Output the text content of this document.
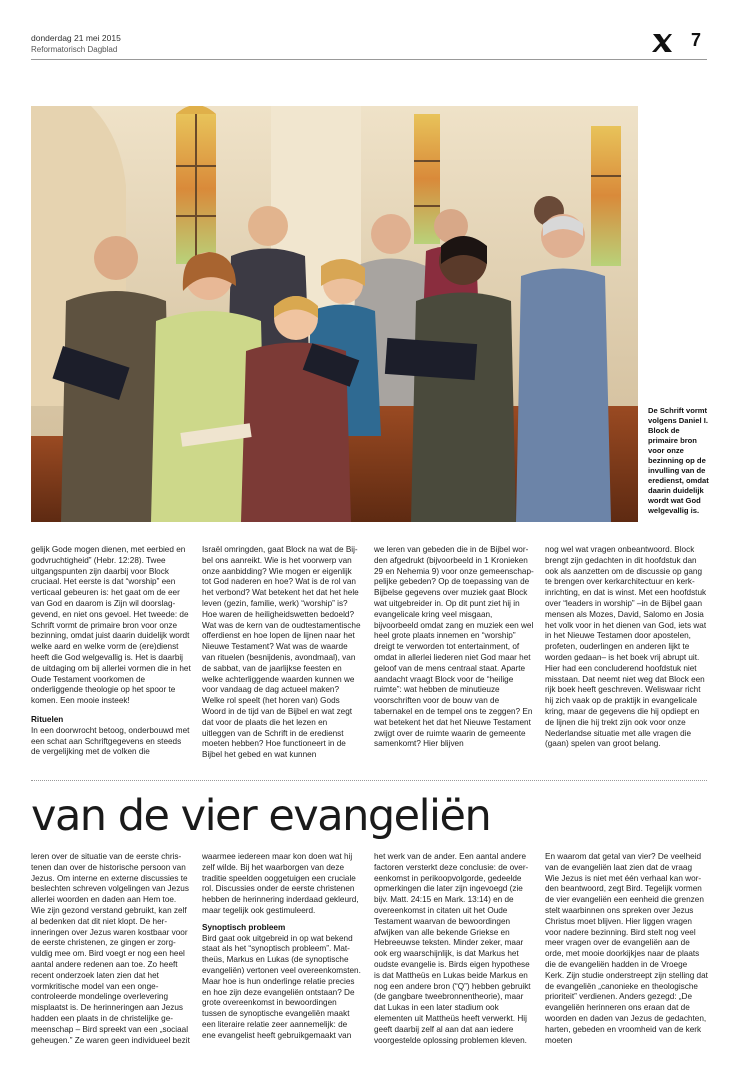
donderdag 21 mei 2015
Reformatorisch Dagblad	7
De Schrift vormt volgens Daniel I. Block de primaire bron voor onze bezinning op de invulling van de eredienst, omdat daarin duidelijk wordt wat God welgevallig is.

gelijk Gode mogen dienen, met eerbied en godvruchtigheid” (Hebr. 12:28). Twee uitgangspunten zijn daarbij voor Block cruciaal. Het eerste is dat “worship” een verticaal gebeuren is: het gaat om de eer van God en daarom is Zijn wil doorslaggevend, en niet ons gevoel. Het tweede: de Schrift vormt de primaire bron voor onze bezinning, omdat juist daarin duidelijk wordt welke aard en welke vorm de (ere)dienst heeft die God welgevallig is. Het is daarbij de uitdaging om bij allerlei vormen die in het Oude Testament voorkomen de onderliggende theologie op het spoor te komen. Een mooie insteek!

Rituelen

In een doorwrocht betoog, onderbouwd met een schat aan Schriftgegevens en steeds de vergelijking met de volken die

Israël omringden, gaat Block na wat de Bijbel ons aanreikt. Wie is het voorwerp van onze aanbidding? Wie mogen er eigenlijk tot God naderen en hoe? Wat is de rol van het verbond? Wat betekent het dat het hele leven (gezin, familie, werk) “worship” is? Hoe waren de heiligheidswetten bedoeld? Wat was de kern van de oudtestamentische offerdienst en hoe lopen de lijnen naar het Nieuwe Testament? Wat was de waarde van rituelen (besnijdenis, avondmaal), van de sabbat, van de jaarlijkse feesten en welke achterliggende waarden kunnen we voor vandaag de dag actueel maken? Welke rol speelt (het horen van) Gods Woord in de tijd van de Bijbel en wat zegt dat voor de plaats die het lezen en uitleggen van de Schrift in de eredienst moeten hebben? Hoe functioneert in de Bijbel het gebed en wat kunnen

we leren van gebeden die in de Bijbel worden afgedrukt (bijvoorbeeld in 1 Kronieken 29 en Nehemia 9) voor onze gemeenschappelijke gebeden? Op de toepassing van de Bijbelse gegevens over muziek gaat Block wat uitgebreider in. Op dit punt ziet hij in evangelicale kring veel misgaan, bijvoorbeeld omdat zang en muziek een wel heel grote plaats innemen en “worship” dreigt te verworden tot entertainment, of omdat in allerlei liederen niet God maar het geloof van de mens centraal staat. Aparte aandacht vraagt Block voor de “heilige ruimte”: wat hebben de minutieuze voorschriften voor de bouw van de tabernakel en de tempel ons te zeggen? En wat betekent het dat het Nieuwe Testament zwijgt over de ruimte waarin de gemeente samenkomt? Hier blijven

nog wel wat vragen onbeantwoord. Block brengt zijn gedachten in dit hoofdstuk dan ook als aanzetten om de discussie op gang te brengen over kerkarchitectuur en kerkinrichting, en dat is winst. Met een hoofdstuk over “leaders in worship” –in de Bijbel gaan mensen als Mozes, David, Salomo en Josia het volk voor in het dienen van God, iets wat in het Nieuwe Testamen door apostelen, profeten, ouderlingen en anderen lijkt te worden gedaan– is het boek vrij abrupt uit. Hier had een concluderend hoofdstuk niet misstaan. Dat neemt niet weg dat Block een rijk boek heeft geschreven. Weliswaar richt hij zich vaak op de praktijk in evangelicale kring, maar de gegevens die hij opdiept en de lijnen die hij trekt zijn ook voor onze Nederlandse situatie met alle vragen die (gaan) spelen van groot belang.

van de vier evangeliën

leren over de situatie van de eerste christenen dan over de historische persoon van Jezus. Om interne en externe discussies te beslechten schreven volgelingen van Jezus allerlei woorden en daden aan Hem toe. Wie zijn gezond verstand gebruikt, kan zelf al bedenken dat dit niet klopt. De herinneringen over Jezus waren kostbaar voor de eerste christenen, ze gingen er zorgvuldig mee om. Bird voegt er nog een heel aantal andere redenen aan toe. Zo heeft recent onderzoek laten zien dat het vormkritische model van een ongecontroleerde mondelinge overlevering misplaatst is. De herinneringen aan Jezus hadden een plaats in de christelijke gemeenschap – Bird spreekt van een „sociaal geheugen.” Ze waren geen individueel bezit

waarmee iedereen maar kon doen wat hij zelf wilde. Bij het waarborgen van deze traditie speelden ooggetuigen een cruciale rol. Discussies onder de eerste christenen hebben de herinnering inderdaad gekleurd, maar tegelijk ook gestimuleerd.

Synoptisch probleem

Bird gaat ook uitgebreid in op wat bekend staat als het “synoptisch probleem”. Mattheüs, Markus en Lukas (de synoptische evangeliën) vertonen veel overeenkomsten. Maar hoe is hun onderlinge relatie precies en hoe zijn deze evangeliën ontstaan? De grote overeenkomst in bewoordingen tussen de synoptische evangeliën maakt een literaire relatie zeer aannemelijk: de ene evangelist heeft gebruikgemaakt van

het werk van de ander. Een aantal andere factoren versterkt deze conclusie: de overeenkomst in perikoopvolgorde, gedeelde opmerkingen die later zijn ingevoegd (zie bijv. Matt. 24:15 en Mark. 13:14) en de overeenkomst in citaten uit het Oude Testament waarvan de bewoordingen afwijken van alle bekende Griekse en Hebreeuwse teksten. Minder zeker, maar ook erg waarschijnlijk, is dat Markus het oudste evangelie is. Birds eigen hypothese is dat Mattheüs en Lukas beide Markus en nog een andere bron (“Q”) hebben gebruikt (de gangbare tweebronnentheorie), maar dat Lukas in een later stadium ook elementen uit Mattheüs heeft verwerkt. Hij geeft daarbij zelf al aan dat aan iedere voorgestelde oplossing problemen kleven.

En waarom dat getal van vier? De veelheid van de evangeliën laat zien dat de vraag Wie Jezus is niet met één verhaal kan worden beantwoord, zegt Bird. Tegelijk vormen de vier evangeliën een eenheid die grenzen stelt waarbinnen ons spreken over Jezus Christus moet blijven. Hier liggen vragen voor nadere bezinning. Bird stelt nog veel meer vragen over de evangeliën aan de orde, met mooie doorkijkjes naar de plaats die de evangeliën hadden in de Vroege Kerk. Zijn studie onderstreept zijn stelling dat de evangeliën „canonieke en theologische prioriteit” verdienen. Anders gezegd: „De evangeliën herinneren ons eraan dat de woorden en daden van Jezus de gedachten, harten, gebeden en vroomheid van de kerk moeten
